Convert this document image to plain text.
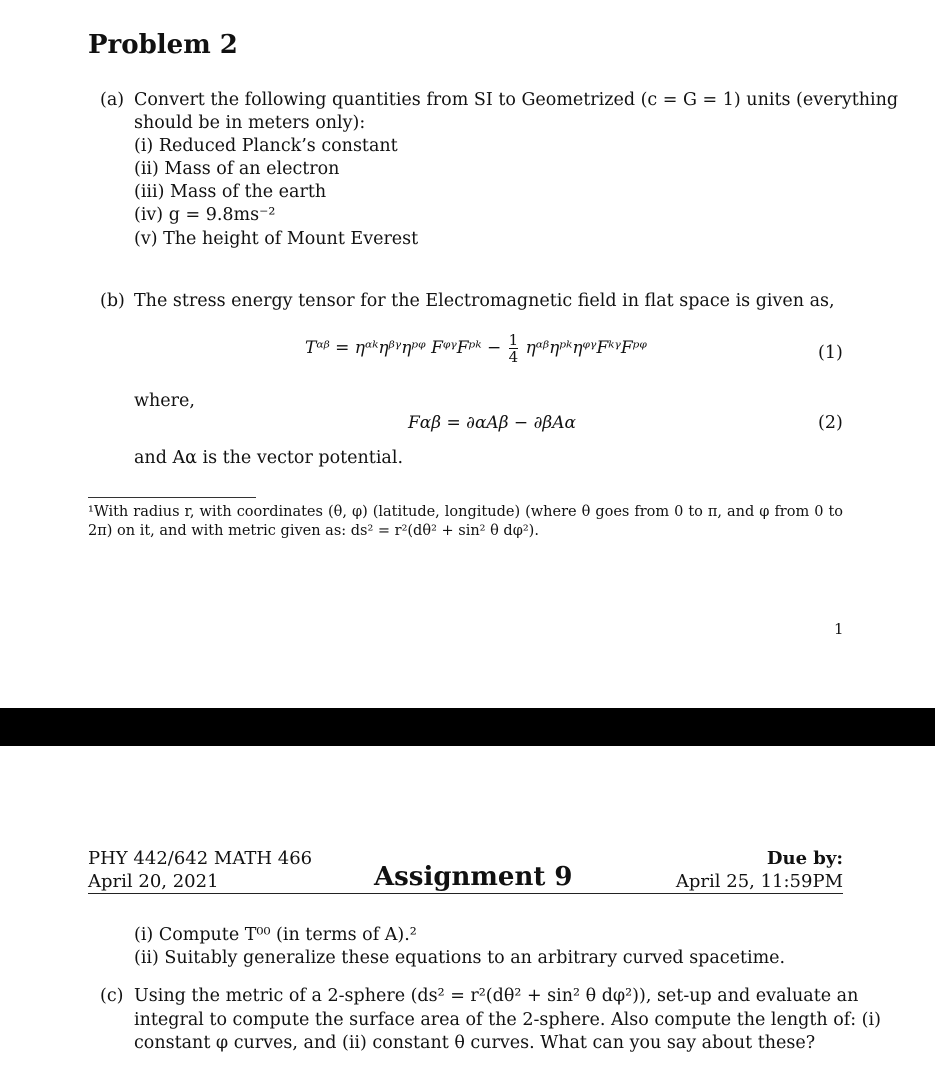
Problem 2
(a) Convert the following quantities from SI to Geometrized (c = G = 1) units (everything
should be in meters only):
(i) Reduced Planck’s constant
(ii) Mass of an electron
(iii) Mass of the earth
(iv) g = 9.8ms⁻²
(v) The height of Mount Everest
(b) The stress energy tensor for the Electromagnetic field in flat space is given as,
Tᵅᵝ = ηᵅᵏηᵝᵞηᵖᵠ FᵠᵞFᵖᵏ − $\frac{1}{4}$ ηᵅᵝηᵖᵏηᵠᵞFᵏᵞFᵖᵠ	(1)
where,
Fαβ = ∂αAβ − ∂βAα	(2)
and Aα is the vector potential.
¹With radius r, with coordinates (θ, φ) (latitude, longitude) (where θ goes from 0 to π, and φ from 0 to
2π) on it, and with metric given as: ds² = r²(dθ² + sin² θ dφ²).
1
PHY 442/642 MATH 466
April 20, 2021	Assignment 9
Due by:
April 25, 11:59PM
(i) Compute T⁰⁰ (in terms of A).²
(ii) Suitably generalize these equations to an arbitrary curved spacetime.
(c) Using the metric of a 2-sphere (ds² = r²(dθ² + sin² θ dφ²)), set-up and evaluate an
integral to compute the surface area of the 2-sphere. Also compute the length of: (i)
constant φ curves, and (ii) constant θ curves. What can you say about these?
